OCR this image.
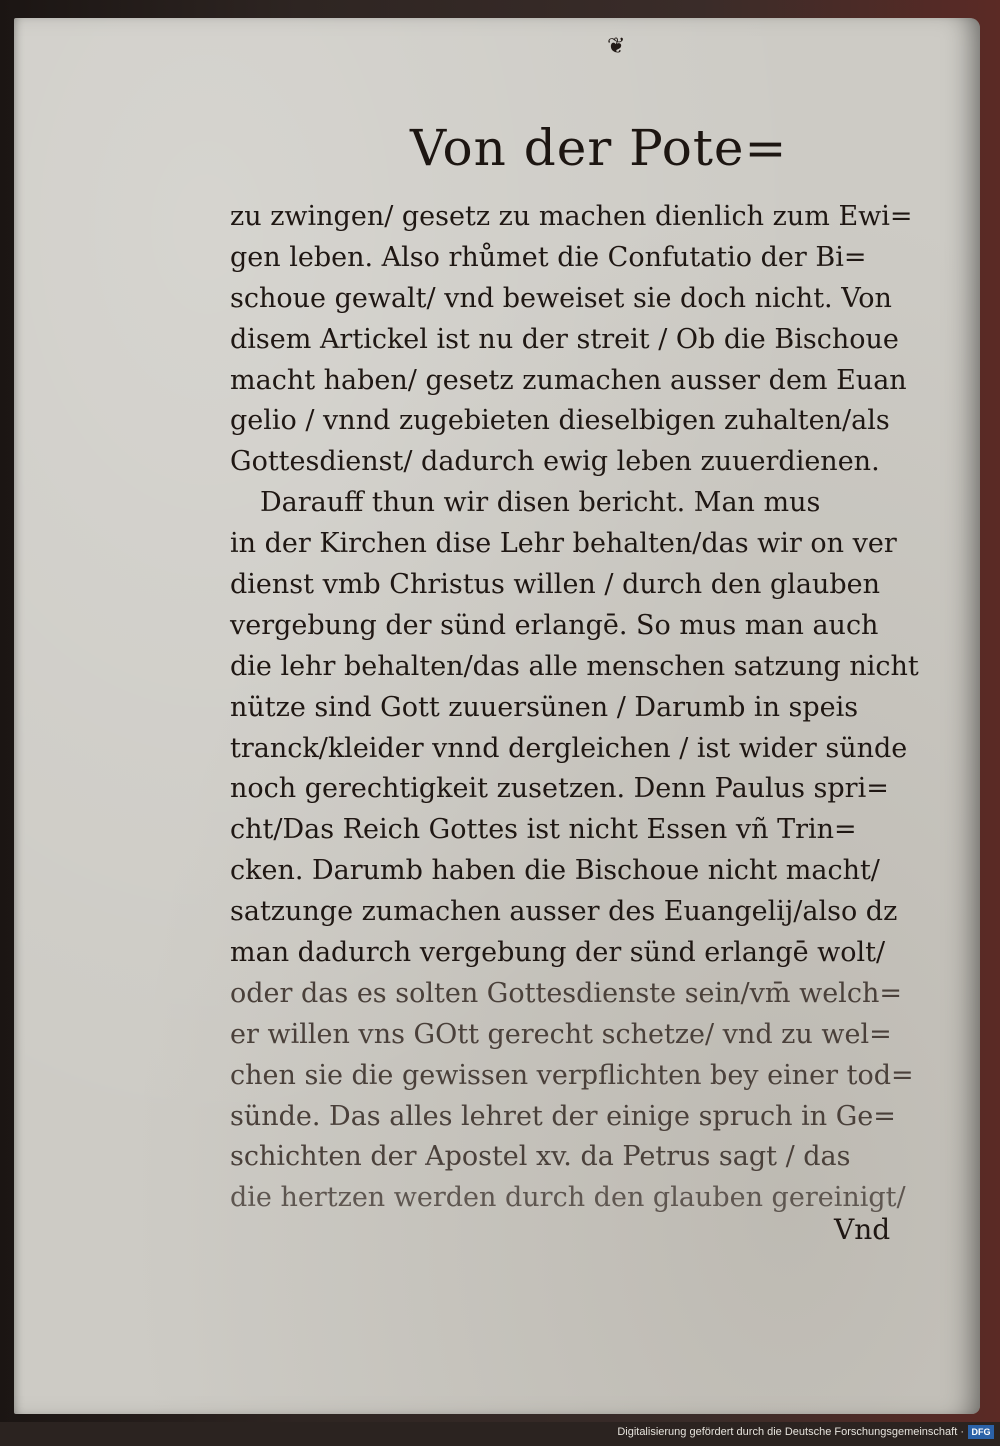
❦
Von der Pote=
zu zwingen/ gesetz zu machen dienlich zum Ewi=
gen leben. Also rhůmet die Confutatio der Bi=
schoue gewalt/ vnd beweiset sie doch nicht. Von
disem Artickel ist nu der streit / Ob die Bischoue
macht haben/ gesetz zumachen ausser dem Euan
gelio / vnnd zugebieten dieselbigen zuhalten/als
Gottesdienst/ dadurch ewig leben zuuerdienen.
Darauff thun wir disen bericht. Man mus
in der Kirchen dise Lehr behalten/das wir on ver
dienst vmb Christus willen / durch den glauben
vergebung der sünd erlangē. So mus man auch
die lehr behalten/das alle menschen satzung nicht
nütze sind Gott zuuersünen / Darumb in speis
tranck/kleider vnnd dergleichen / ist wider sünde
noch gerechtigkeit zusetzen. Denn Paulus spri=
cht/Das Reich Gottes ist nicht Essen vñ Trin=
cken. Darumb haben die Bischoue nicht macht/
satzunge zumachen ausser des Euangelij/also dz
man dadurch vergebung der sünd erlangē wolt/
oder das es solten Gottesdienste sein/vm̄ welch=
er willen vns GOtt gerecht schetze/ vnd zu wel=
chen sie die gewissen verpflichten bey einer tod=
sünde. Das alles lehret der einige spruch in Ge=
schichten der Apostel xv. da Petrus sagt / das
die hertzen werden durch den glauben gereinigt/

Vnd

Digitalisierung gefördert durch die Deutsche Forschungsgemeinschaft · DFG
